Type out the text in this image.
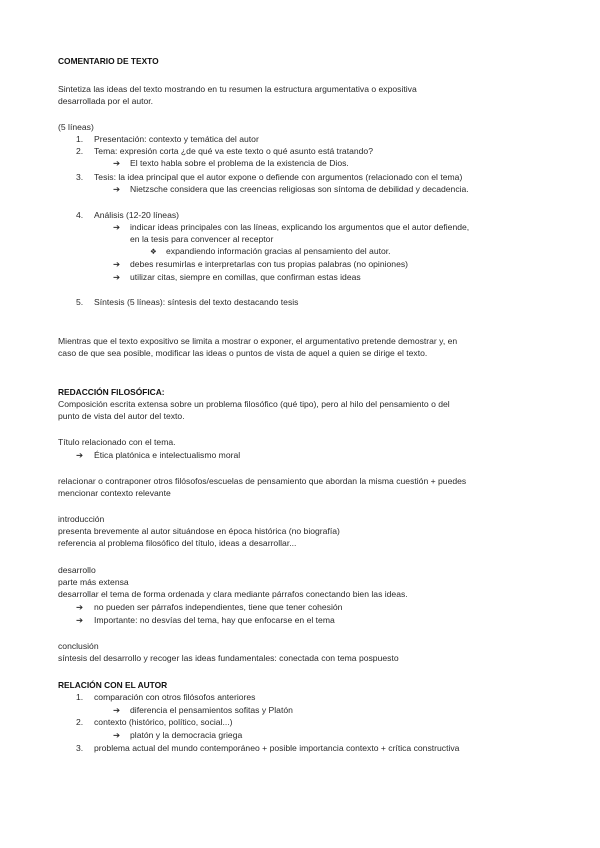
COMENTARIO DE TEXTO
Sintetiza las ideas del texto mostrando en tu resumen la estructura argumentativa o expositiva
desarrollada por el autor.
(5 líneas)
1. Presentación: contexto y temática del autor
2. Tema: expresión corta ¿de qué va este texto o qué asunto está tratando?
➔ El texto habla sobre el problema de la existencia de Dios.
3. Tesis: la idea principal que el autor expone o defiende con argumentos (relacionado con el tema)
➔ Nietzsche considera que las creencias religiosas son síntoma de debilidad y decadencia.
4. Análisis (12-20 líneas)
➔ indicar ideas principales con las líneas, explicando los argumentos que el autor defiende,
en la tesis para convencer al receptor
❖ expandiendo información gracias al pensamiento del autor.
➔ debes resumirlas e interpretarlas con tus propias palabras (no opiniones)
➔ utilizar citas, siempre en comillas, que confirman estas ideas
5. Síntesis (5 líneas): síntesis del texto destacando tesis
Mientras que el texto expositivo se limita a mostrar o exponer, el argumentativo pretende demostrar y, en
caso de que sea posible, modificar las ideas o puntos de vista de aquel a quien se dirige el texto.
REDACCIÓN FILOSÓFICA:
Composición escrita extensa sobre un problema filosófico (qué tipo), pero al hilo del pensamiento o del
punto de vista del autor del texto.
Título relacionado con el tema.
➔ Ética platónica e intelectualismo moral
relacionar o contraponer otros filósofos/escuelas de pensamiento que abordan la misma cuestión + puedes
mencionar contexto relevante
introducción
presenta brevemente al autor situándose en época histórica (no biografía)
referencia al problema filosófico del título, ideas a desarrollar...
desarrollo
parte más extensa
desarrollar el tema de forma ordenada y clara mediante párrafos conectando bien las ideas.
➔ no pueden ser párrafos independientes, tiene que tener cohesión
➔ Importante: no desvías del tema, hay que enfocarse en el tema
conclusión
síntesis del desarrollo y recoger las ideas fundamentales: conectada con tema pospuesto
RELACIÓN CON EL AUTOR
1. comparación con otros filósofos anteriores
➔ diferencia el pensamientos sofitas y Platón
2. contexto (histórico, político, social...)
➔ platón y la democracia griega
3. problema actual del mundo contemporáneo + posible importancia contexto + crítica constructiva
